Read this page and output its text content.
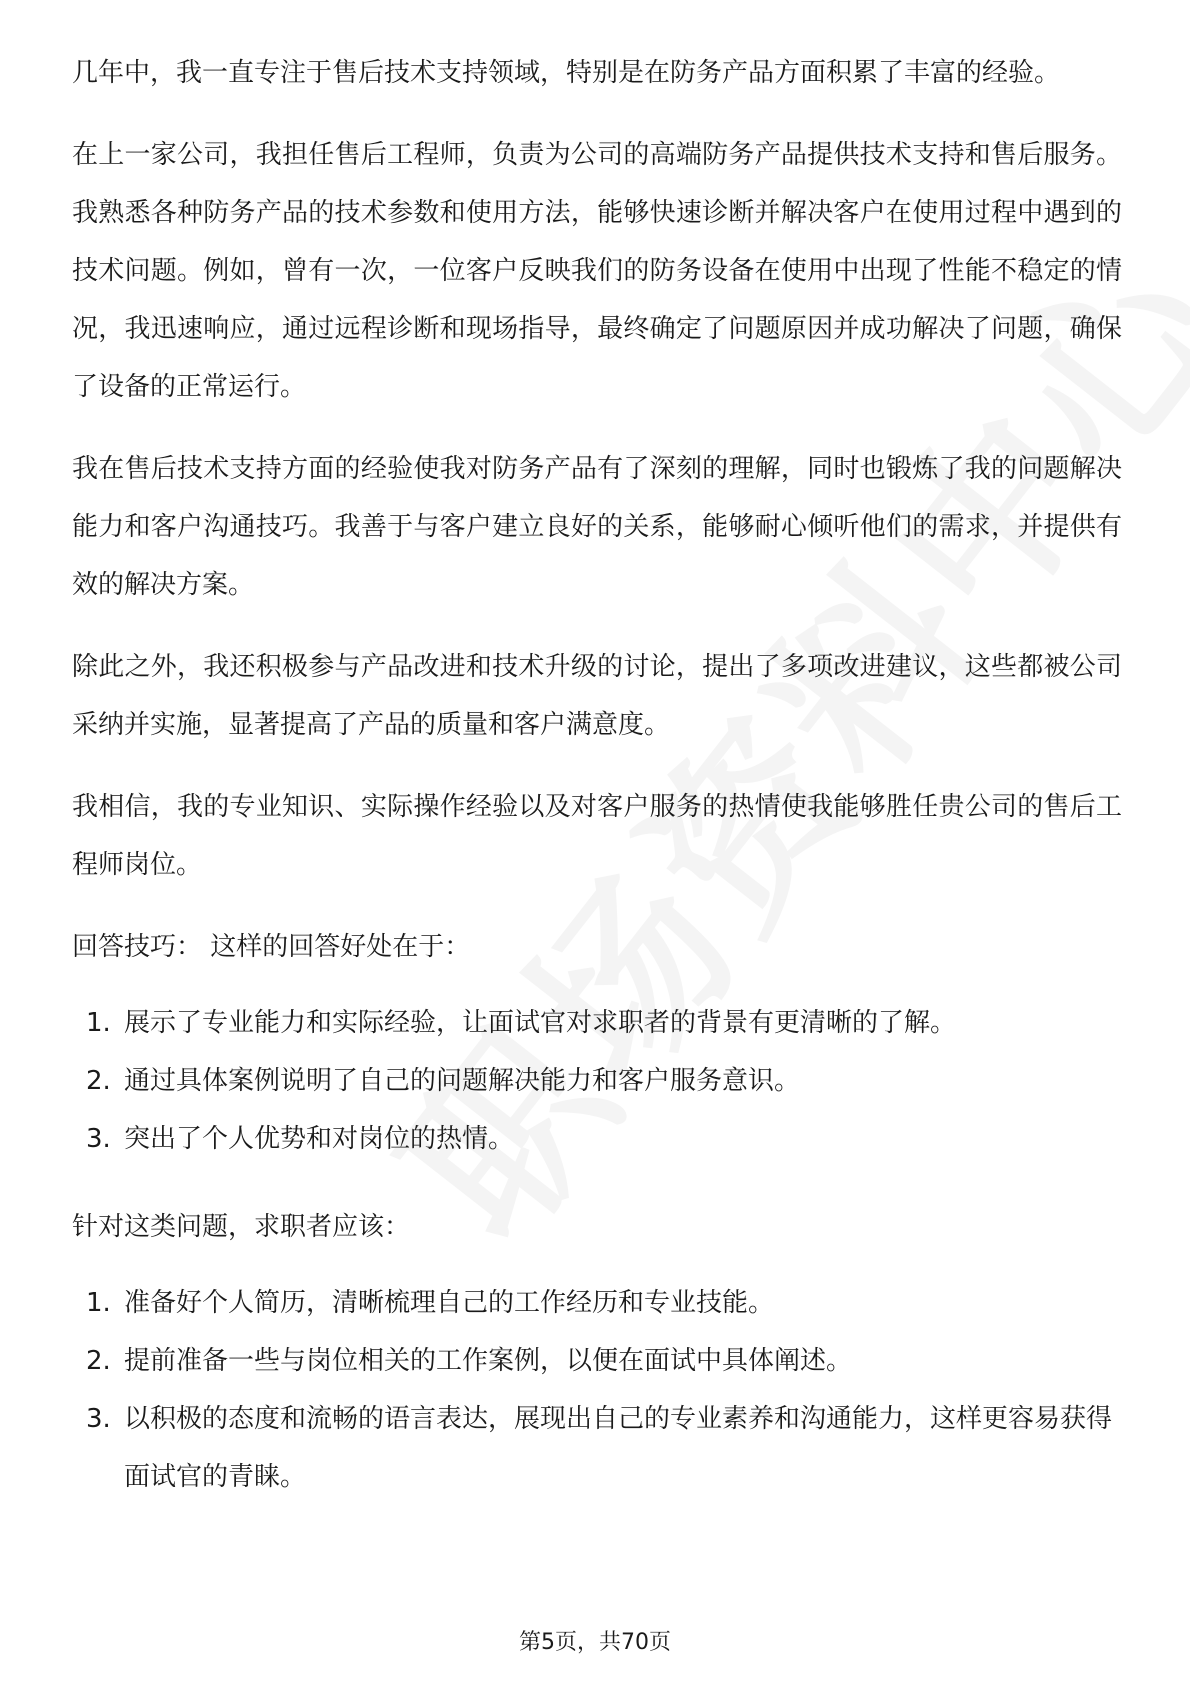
几年中，我一直专注于售后技术支持领域，特别是在防务产品方面积累了丰富的经验。

在上一家公司，我担任售后工程师，负责为公司的高端防务产品提供技术支持和售后服务。我熟悉各种防务产品的技术参数和使用方法，能够快速诊断并解决客户在使用过程中遇到的技术问题。例如，曾有一次，一位客户反映我们的防务设备在使用中出现了性能不稳定的情况，我迅速响应，通过远程诊断和现场指导，最终确定了问题原因并成功解决了问题，确保了设备的正常运行。

我在售后技术支持方面的经验使我对防务产品有了深刻的理解，同时也锻炼了我的问题解决能力和客户沟通技巧。我善于与客户建立良好的关系，能够耐心倾听他们的需求，并提供有效的解决方案。

除此之外，我还积极参与产品改进和技术升级的讨论，提出了多项改进建议，这些都被公司采纳并实施，显著提高了产品的质量和客户满意度。

我相信，我的专业知识、实际操作经验以及对客户服务的热情使我能够胜任贵公司的售后工程师岗位。

回答技巧： 这样的回答好处在于：

1. 展示了专业能力和实际经验，让面试官对求职者的背景有更清晰的了解。
2. 通过具体案例说明了自己的问题解决能力和客户服务意识。
3. 突出了个人优势和对岗位的热情。

针对这类问题，求职者应该：

1. 准备好个人简历，清晰梳理自己的工作经历和专业技能。
2. 提前准备一些与岗位相关的工作案例，以便在面试中具体阐述。
3. 以积极的态度和流畅的语言表达，展现出自己的专业素养和沟通能力，这样更容易获得面试官的青睐。
第5页，共70页
